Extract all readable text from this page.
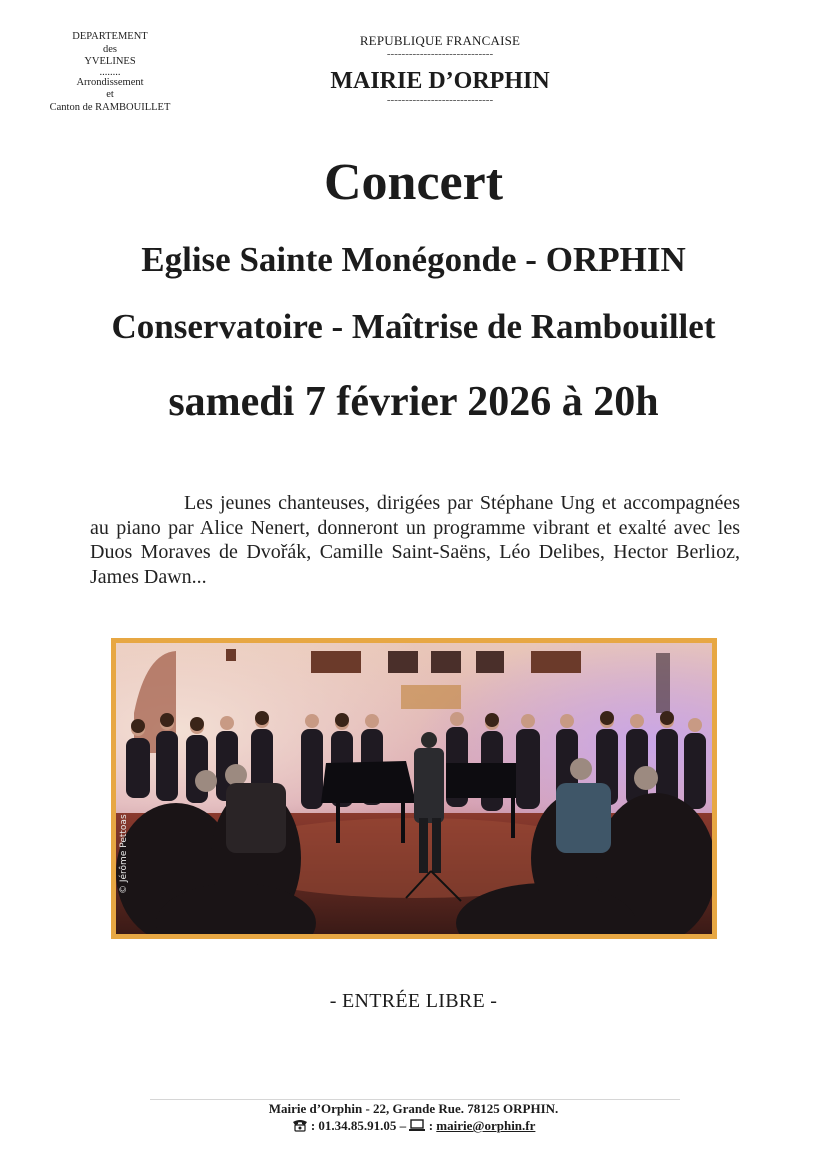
DEPARTEMENT
des
YVELINES
........
Arrondissement
et
Canton de RAMBOUILLET
REPUBLIQUE FRANCAISE
-----------------------------
MAIRIE D’ORPHIN
-----------------------------
Concert
Eglise Sainte Monégonde - ORPHIN
Conservatoire - Maîtrise de Rambouillet
samedi 7 février 2026 à 20h
Les jeunes chanteuses, dirigées par Stéphane Ung et accompagnées au piano par Alice Nenert, donneront un programme vibrant et exalté avec les Duos Moraves de Dvořák, Camille Saint-Saëns, Léo Delibes, Hector Berlioz, James Dawn...
© Jérôme Pettoas
- ENTRÉE LIBRE -
Mairie d’Orphin - 22, Grande Rue. 78125 ORPHIN.
: 01.34.85.91.05 – : mairie@orphin.fr
